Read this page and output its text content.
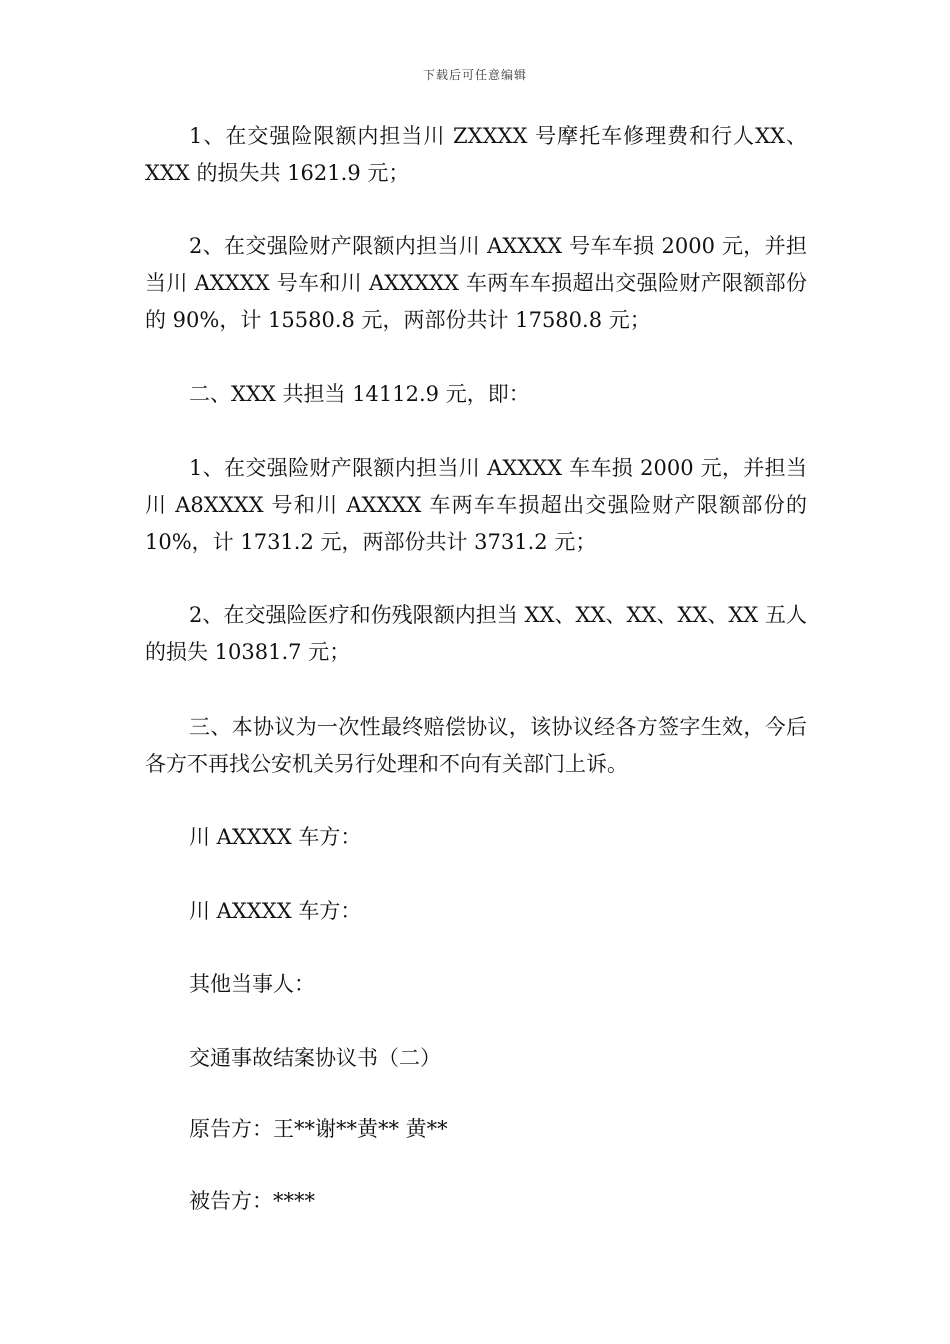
下载后可任意编辑

1、在交强险限额内担当川 ZXXXX 号摩托车修理费和行人XX、XXX 的损失共 1621.9 元；

2、在交强险财产限额内担当川 AXXXX 号车车损 2000 元，并担当川 AXXXX 号车和川 AXXXXX 车两车车损超出交强险财产限额部份的 90%，计 15580.8 元，两部份共计 17580.8 元；

二、XXX 共担当 14112.9 元，即：

1、在交强险财产限额内担当川 AXXXX 车车损 2000 元，并担当川 A8XXXX 号和川 AXXXX 车两车车损超出交强险财产限额部份的 10%，计 1731.2 元，两部份共计 3731.2 元；

2、在交强险医疗和伤残限额内担当 XX、XX、XX、XX、XX 五人的损失 10381.7 元；

三、本协议为一次性最终赔偿协议，该协议经各方签字生效，今后各方不再找公安机关另行处理和不向有关部门上诉。

川 AXXXX 车方：

川 AXXXX 车方：

其他当事人：

交通事故结案协议书（二）

原告方：王**谢**黄** 黄**

被告方：****
